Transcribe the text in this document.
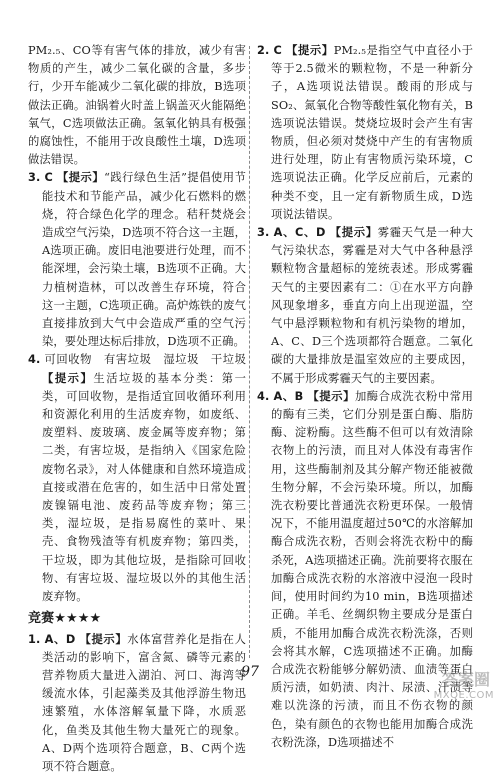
PM₂.₅、CO等有害气体的排放，减少有害物质的产生，减少二氧化碳的含量，多步行，少开车能减少二氧化碳的排放，B选项做法正确。油锅着火时盖上锅盖灭火能隔绝氧气，C选项做法正确。氢氧化钠具有极强的腐蚀性，不能用于改良酸性土壤，D选项做法错误。

3. C 【提示】“践行绿色生活”提倡使用节能技术和节能产品，减少化石燃料的燃烧，符合绿色化学的理念。秸秆焚烧会造成空气污染，D选项不符合这一主题，A选项正确。废旧电池要进行处理，而不能深埋，会污染土壤，B选项不正确。大力植树造林，可以改善生存环境，符合这一主题，C选项正确。高炉炼铁的废气直接排放到大气中会造成严重的空气污染，要处理达标后排放，D选项不正确。

4. 可回收物　有害垃圾　湿垃圾　干垃圾 【提示】生活垃圾的基本分类：第一类，可回收物，是指适宜回收循环利用和资源化利用的生活废弃物，如废纸、废塑料、废玻璃、废金属等废弃物；第二类，有害垃圾，是指纳入《国家危险废物名录》，对人体健康和自然环境造成直接或潜在危害的，如生活中日常处置废镍镉电池、废药品等废弃物；第三类，湿垃圾，是指易腐性的菜叶、果壳、食物残渣等有机废弃物；第四类，干垃圾，即为其他垃圾，是指除可回收物、有害垃圾、湿垃圾以外的其他生活废弃物。

竞赛★★★★

1. A、D 【提示】水体富营养化是指在人类活动的影响下，富含氮、磷等元素的营养物质大量进入湖泊、河口、海湾等缓流水体，引起藻类及其他浮游生物迅速繁殖，水体溶解氧量下降，水质恶化，鱼类及其他生物大量死亡的现象。A、D两个选项符合题意，B、C两个选项不符合题意。

2. C 【提示】PM₂.₅是指空气中直径小于等于2.5微米的颗粒物，不是一种新分子，A选项说法错误。酸雨的形成与SO₂、氮氧化合物等酸性氧化物有关，B选项说法错误。焚烧垃圾时会产生有害物质，但必须对焚烧中产生的有害物质进行处理，防止有害物质污染环境，C选项说法正确。化学反应前后，元素的种类不变，且一定有新物质生成，D选项说法错误。

3. A、C、D 【提示】雾霾天气是一种大气污染状态，雾霾是对大气中各种悬浮颗粒物含量超标的笼统表述。形成雾霾天气的主要因素有二：①在水平方向静风现象增多，垂直方向上出现逆温，空气中悬浮颗粒物和有机污染物的增加，A、C、D三个选项都符合题意。二氧化碳的大量排放是温室效应的主要成因，不属于形成雾霾天气的主要因素。

4. A、B 【提示】加酶合成洗衣粉中常用的酶有三类，它们分别是蛋白酶、脂肪酶、淀粉酶。这些酶不但可以有效清除衣物上的污渍，而且对人体没有毒害作用，这些酶制剂及其分解产物还能被微生物分解，不会污染环境。所以，加酶洗衣粉要比普通洗衣粉更环保。一般情况下，不能用温度超过50℃的水溶解加酶合成洗衣粉，否则会将洗衣粉中的酶杀死，A选项描述正确。洗前要将衣服在加酶合成洗衣粉的水溶液中浸泡一段时间，使用时间约为10 min，B选项描述正确。羊毛、丝绸织物主要成分是蛋白质，不能用加酶合成洗衣粉洗涤，否则会将其水解，C选项描述不正确。加酶合成洗衣粉能够分解奶渍、血渍等蛋白质污渍，如奶渍、肉汁、尿渍、汗渍等难以洗涤的污渍，而且不伤衣物的颜色，染有颜色的衣物也能用加酶合成洗衣粉洗涤，D选项描述不

97	答案圈
MXQE.COM
